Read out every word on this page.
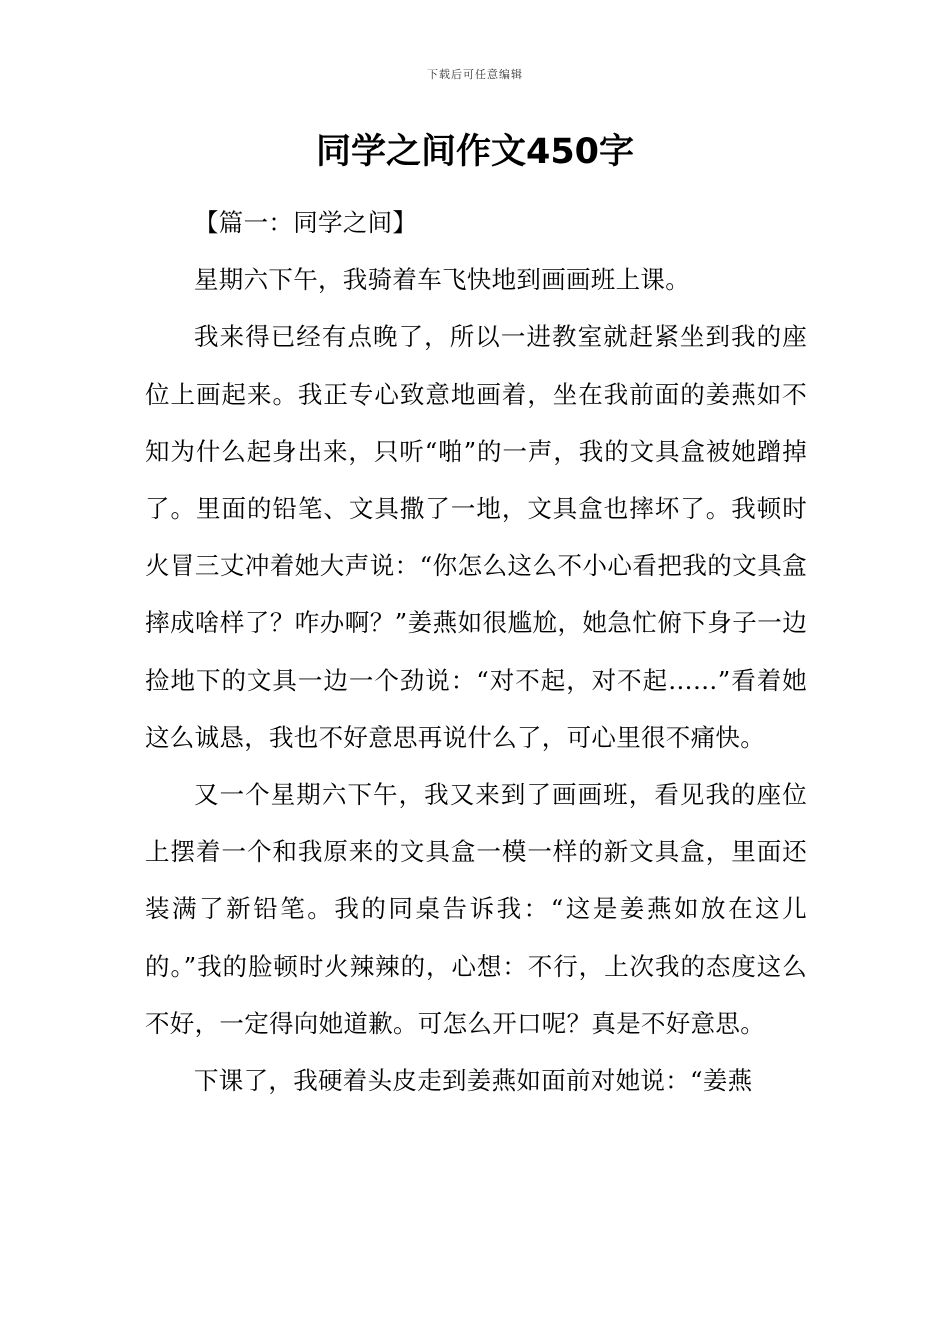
下载后可任意编辑
同学之间作文450字

【篇一：同学之间】

星期六下午，我骑着车飞快地到画画班上课。

我来得已经有点晚了，所以一进教室就赶紧坐到我的座位上画起来。我正专心致意地画着，坐在我前面的姜燕如不知为什么起身出来，只听“啪”的一声，我的文具盒被她蹭掉了。里面的铅笔、文具撒了一地，文具盒也摔坏了。我顿时火冒三丈冲着她大声说：“你怎么这么不小心看把我的文具盒摔成啥样了？咋办啊？”姜燕如很尴尬，她急忙俯下身子一边捡地下的文具一边一个劲说：“对不起，对不起……”看着她这么诚恳，我也不好意思再说什么了，可心里很不痛快。

又一个星期六下午，我又来到了画画班，看见我的座位上摆着一个和我原来的文具盒一模一样的新文具盒，里面还装满了新铅笔。我的同桌告诉我：“这是姜燕如放在这儿的。”我的脸顿时火辣辣的，心想：不行，上次我的态度这么不好，一定得向她道歉。可怎么开口呢？真是不好意思。

下课了，我硬着头皮走到姜燕如面前对她说：“姜燕
